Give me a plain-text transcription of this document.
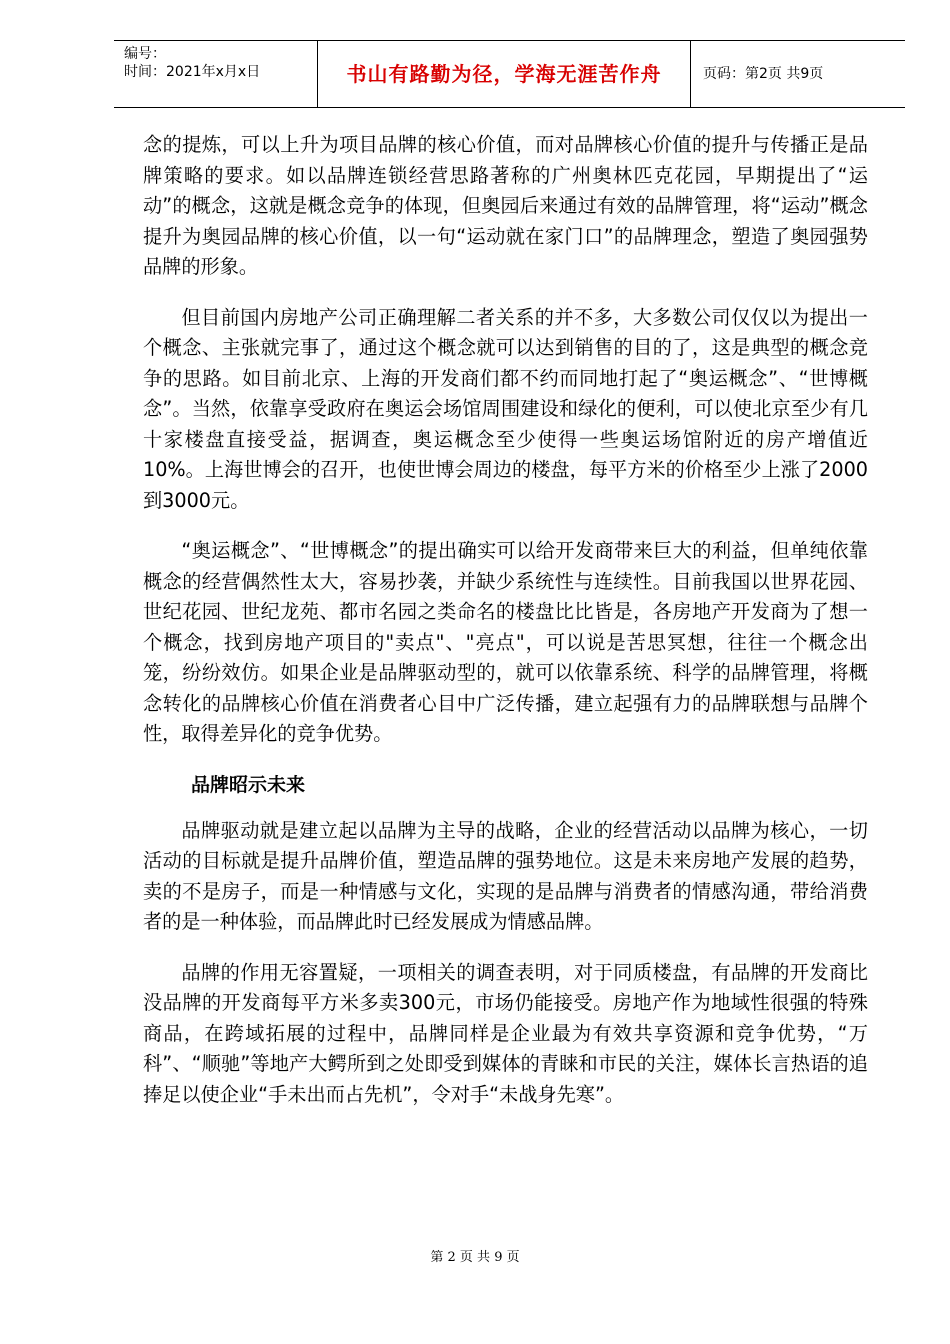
编号：
时间：2021年x月x日	书山有路勤为径，学海无涯苦作舟	页码：第2页 共9页

念的提炼，可以上升为项目品牌的核心价值，而对品牌核心价值的提升与传播正是品牌策略的要求。如以品牌连锁经营思路著称的广州奥林匹克花园，早期提出了“运动”的概念，这就是概念竞争的体现，但奥园后来通过有效的品牌管理，将“运动”概念提升为奥园品牌的核心价值，以一句“运动就在家门口”的品牌理念，塑造了奥园强势品牌的形象。

但目前国内房地产公司正确理解二者关系的并不多，大多数公司仅仅以为提出一个概念、主张就完事了，通过这个概念就可以达到销售的目的了，这是典型的概念竞争的思路。如目前北京、上海的开发商们都不约而同地打起了“奥运概念”、“世博概念”。当然，依靠享受政府在奥运会场馆周围建设和绿化的便利，可以使北京至少有几十家楼盘直接受益，据调查，奥运概念至少使得一些奥运场馆附近的房产增值近10%。上海世博会的召开，也使世博会周边的楼盘，每平方米的价格至少上涨了2000到3000元。

“奥运概念”、“世博概念”的提出确实可以给开发商带来巨大的利益，但单纯依靠概念的经营偶然性太大，容易抄袭，并缺少系统性与连续性。目前我国以世界花园、世纪花园、世纪龙苑、都市名园之类命名的楼盘比比皆是，各房地产开发商为了想一个概念，找到房地产项目的"卖点"、"亮点"，可以说是苦思冥想，往往一个概念出笼，纷纷效仿。如果企业是品牌驱动型的，就可以依靠系统、科学的品牌管理，将概念转化的品牌核心价值在消费者心目中广泛传播，建立起强有力的品牌联想与品牌个性，取得差异化的竞争优势。

品牌昭示未来

品牌驱动就是建立起以品牌为主导的战略，企业的经营活动以品牌为核心，一切活动的目标就是提升品牌价值，塑造品牌的强势地位。这是未来房地产发展的趋势，卖的不是房子，而是一种情感与文化，实现的是品牌与消费者的情感沟通，带给消费者的是一种体验，而品牌此时已经发展成为情感品牌。

品牌的作用无容置疑，一项相关的调查表明，对于同质楼盘，有品牌的开发商比没品牌的开发商每平方米多卖300元，市场仍能接受。房地产作为地域性很强的特殊商品，在跨域拓展的过程中，品牌同样是企业最为有效共享资源和竞争优势，“万科”、“顺驰”等地产大鳄所到之处即受到媒体的青睐和市民的关注，媒体长言热语的追捧足以使企业“手未出而占先机”，令对手“未战身先寒”。

第 2 页 共 9 页
